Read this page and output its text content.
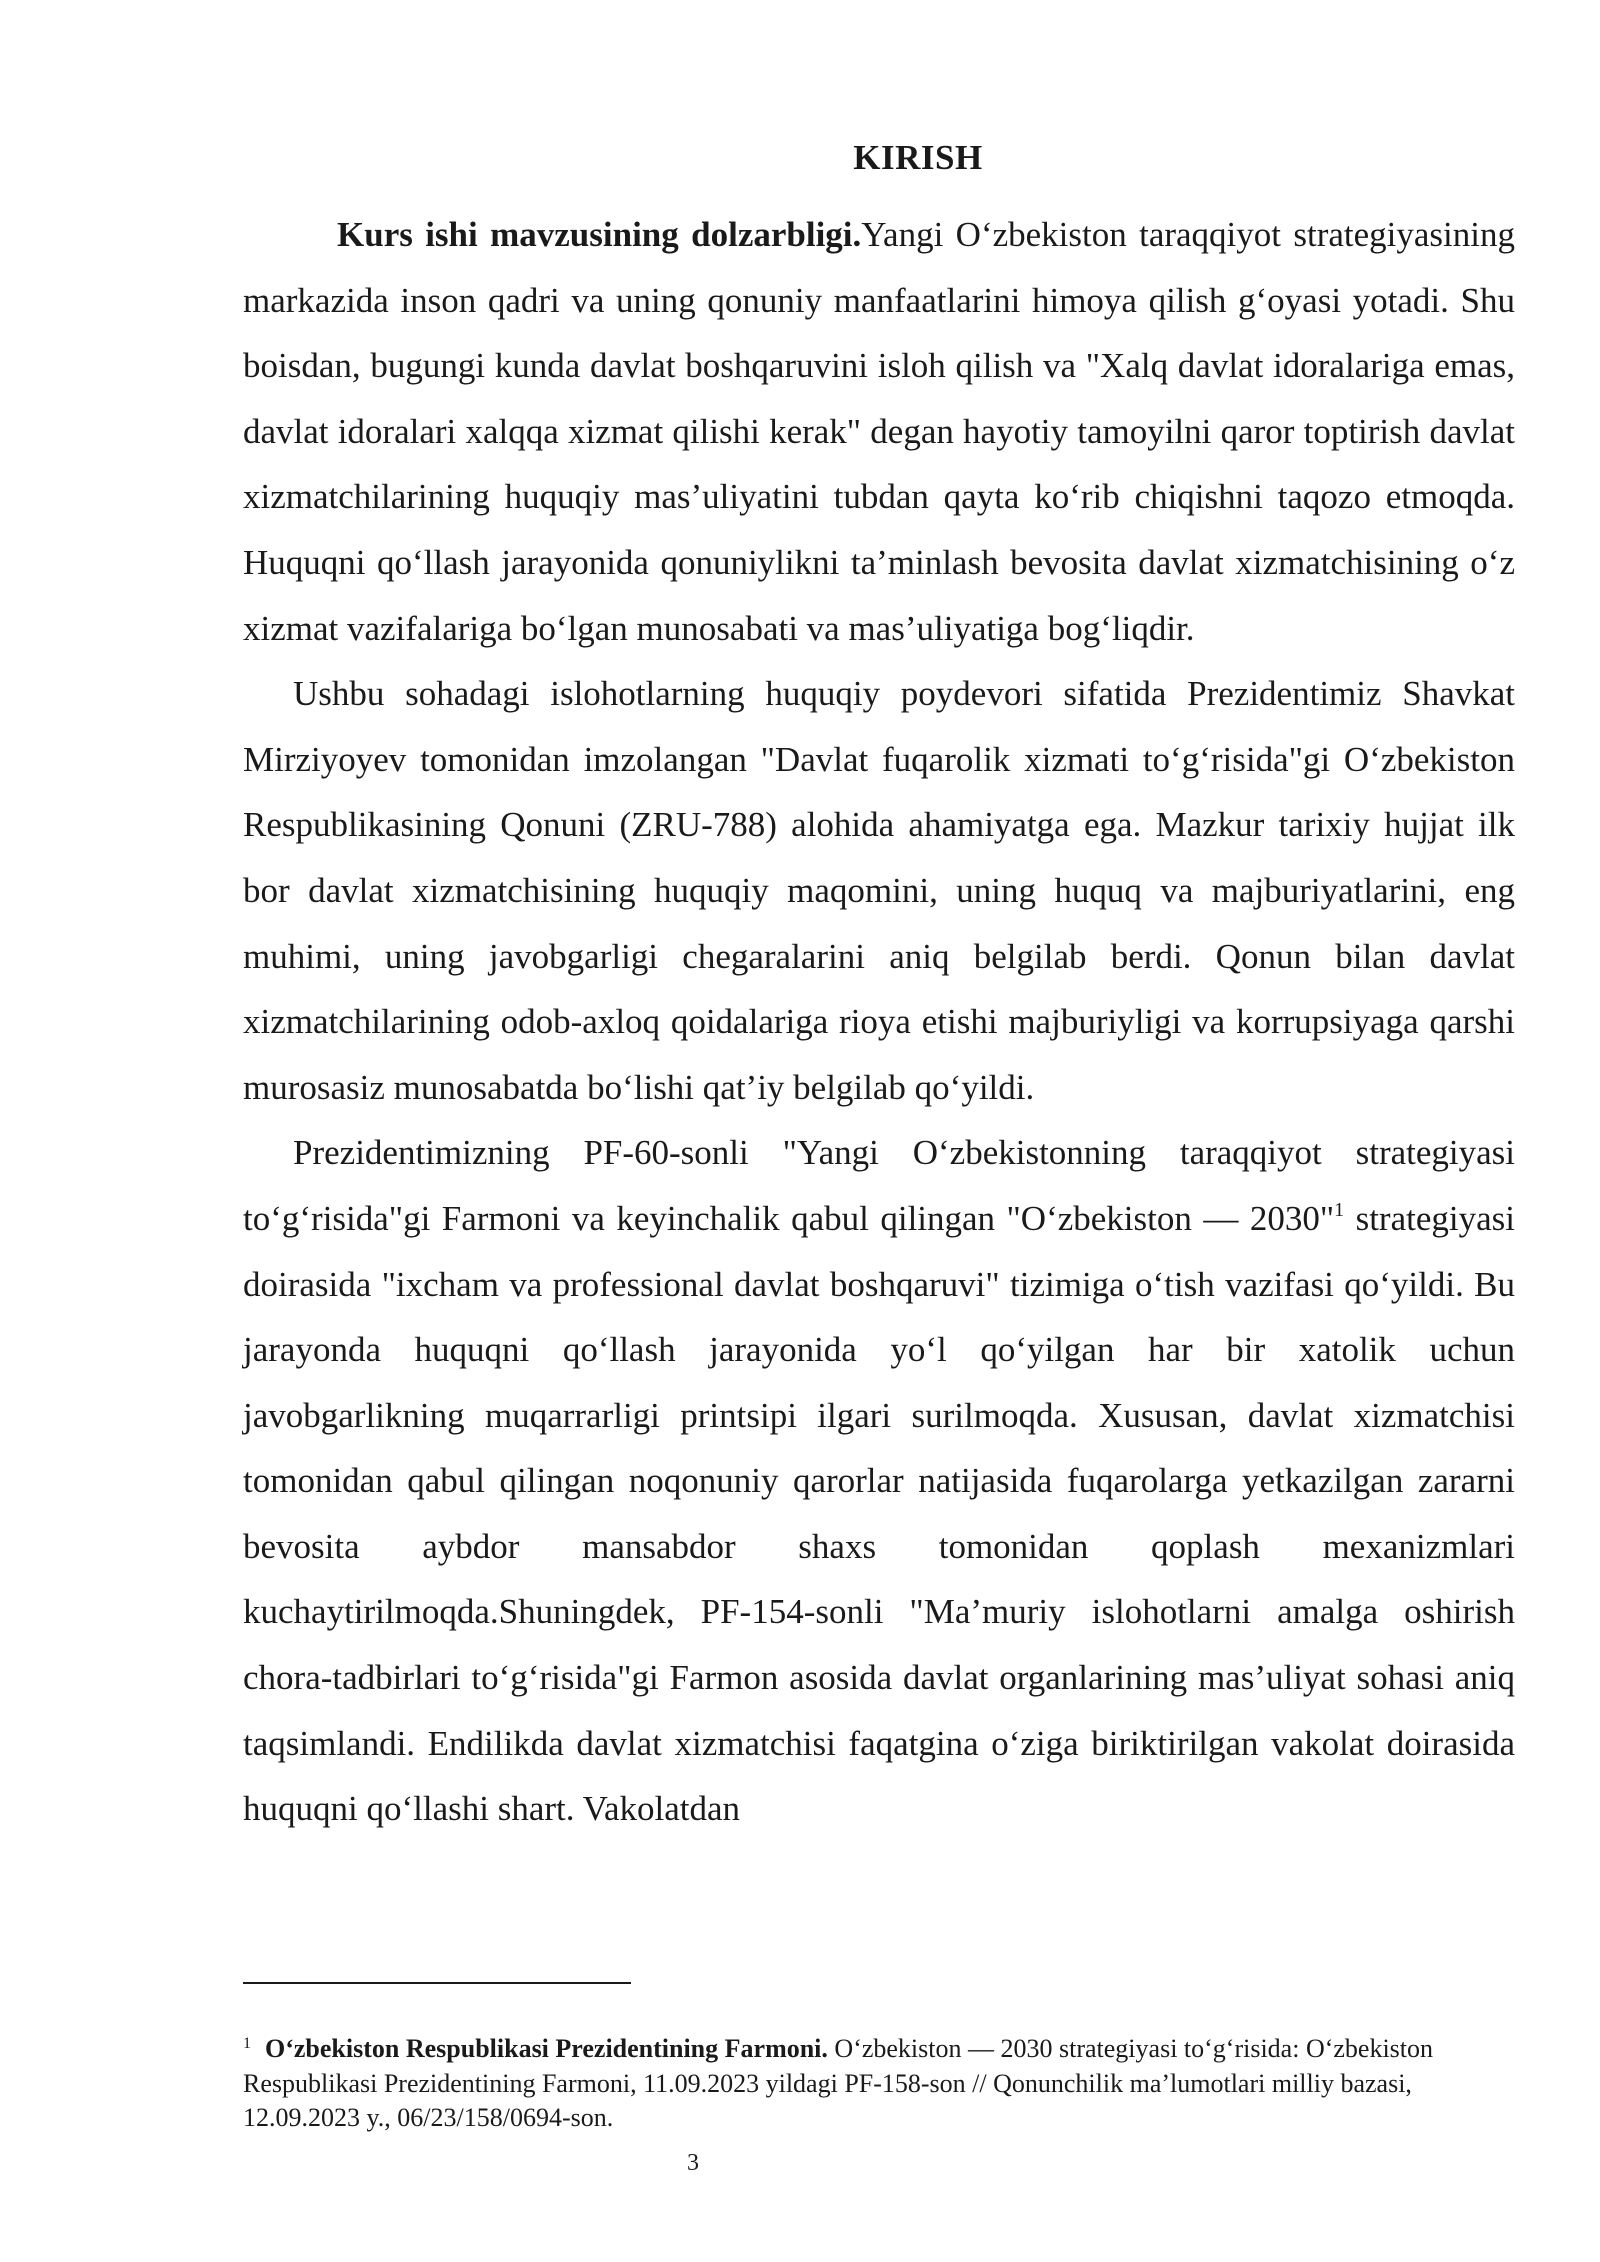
KIRISH

Kurs ishi mavzusining dolzarbligi.Yangi O‘zbekiston taraqqiyot strategiyasining markazida inson qadri va uning qonuniy manfaatlarini himoya qilish g‘oyasi yotadi. Shu boisdan, bugungi kunda davlat boshqaruvini isloh qilish va "Xalq davlat idoralariga emas, davlat idoralari xalqqa xizmat qilishi kerak" degan hayotiy tamoyilni qaror toptirish davlat xizmatchilarining huquqiy mas’uliyatini tubdan qayta ko‘rib chiqishni taqozo etmoqda. Huquqni qo‘llash jarayonida qonuniylikni ta’minlash bevosita davlat xizmatchisining o‘z xizmat vazifalariga bo‘lgan munosabati va mas’uliyatiga bog‘liqdir.

Ushbu sohadagi islohotlarning huquqiy poydevori sifatida Prezidentimiz Shavkat Mirziyoyev tomonidan imzolangan "Davlat fuqarolik xizmati to‘g‘risida"gi O‘zbekiston Respublikasining Qonuni (ZRU-788) alohida ahamiyatga ega. Mazkur tarixiy hujjat ilk bor davlat xizmatchisining huquqiy maqomini, uning huquq va majburiyatlarini, eng muhimi, uning javobgarligi chegaralarini aniq belgilab berdi. Qonun bilan davlat xizmatchilarining odob-axloq qoidalariga rioya etishi majburiyligi va korrupsiyaga qarshi murosasiz munosabatda bo‘lishi qat’iy belgilab qo‘yildi.

Prezidentimizning PF-60-sonli "Yangi O‘zbekistonning taraqqiyot strategiyasi to‘g‘risida"gi Farmoni va keyinchalik qabul qilingan "O‘zbekiston — 2030"$^1$ strategiyasi doirasida "ixcham va professional davlat boshqaruvi" tizimiga o‘tish vazifasi qo‘yildi. Bu jarayonda huquqni qo‘llash jarayonida yo‘l qo‘yilgan har bir xatolik uchun javobgarlikning muqarrarligi printsipi ilgari surilmoqda. Xususan, davlat xizmatchisi tomonidan qabul qilingan noqonuniy qarorlar natijasida fuqarolarga yetkazilgan zararni bevosita aybdor mansabdor shaxs tomonidan qoplash mexanizmlari kuchaytirilmoqda.Shuningdek, PF-154-sonli "Ma’muriy islohotlarni amalga oshirish chora-tadbirlari to‘g‘risida"gi Farmon asosida davlat organlarining mas’uliyat sohasi aniq taqsimlandi. Endilikda davlat xizmatchisi faqatgina o‘ziga biriktirilgan vakolat doirasida huquqni qo‘llashi shart. Vakolatdan

$^1$ O‘zbekiston Respublikasi Prezidentining Farmoni. O‘zbekiston — 2030 strategiyasi to‘g‘risida: O‘zbekiston Respublikasi Prezidentining Farmoni, 11.09.2023 yildagi PF-158-son // Qonunchilik ma’lumotlari milliy bazasi, 12.09.2023 y., 06/23/158/0694-son.
3
